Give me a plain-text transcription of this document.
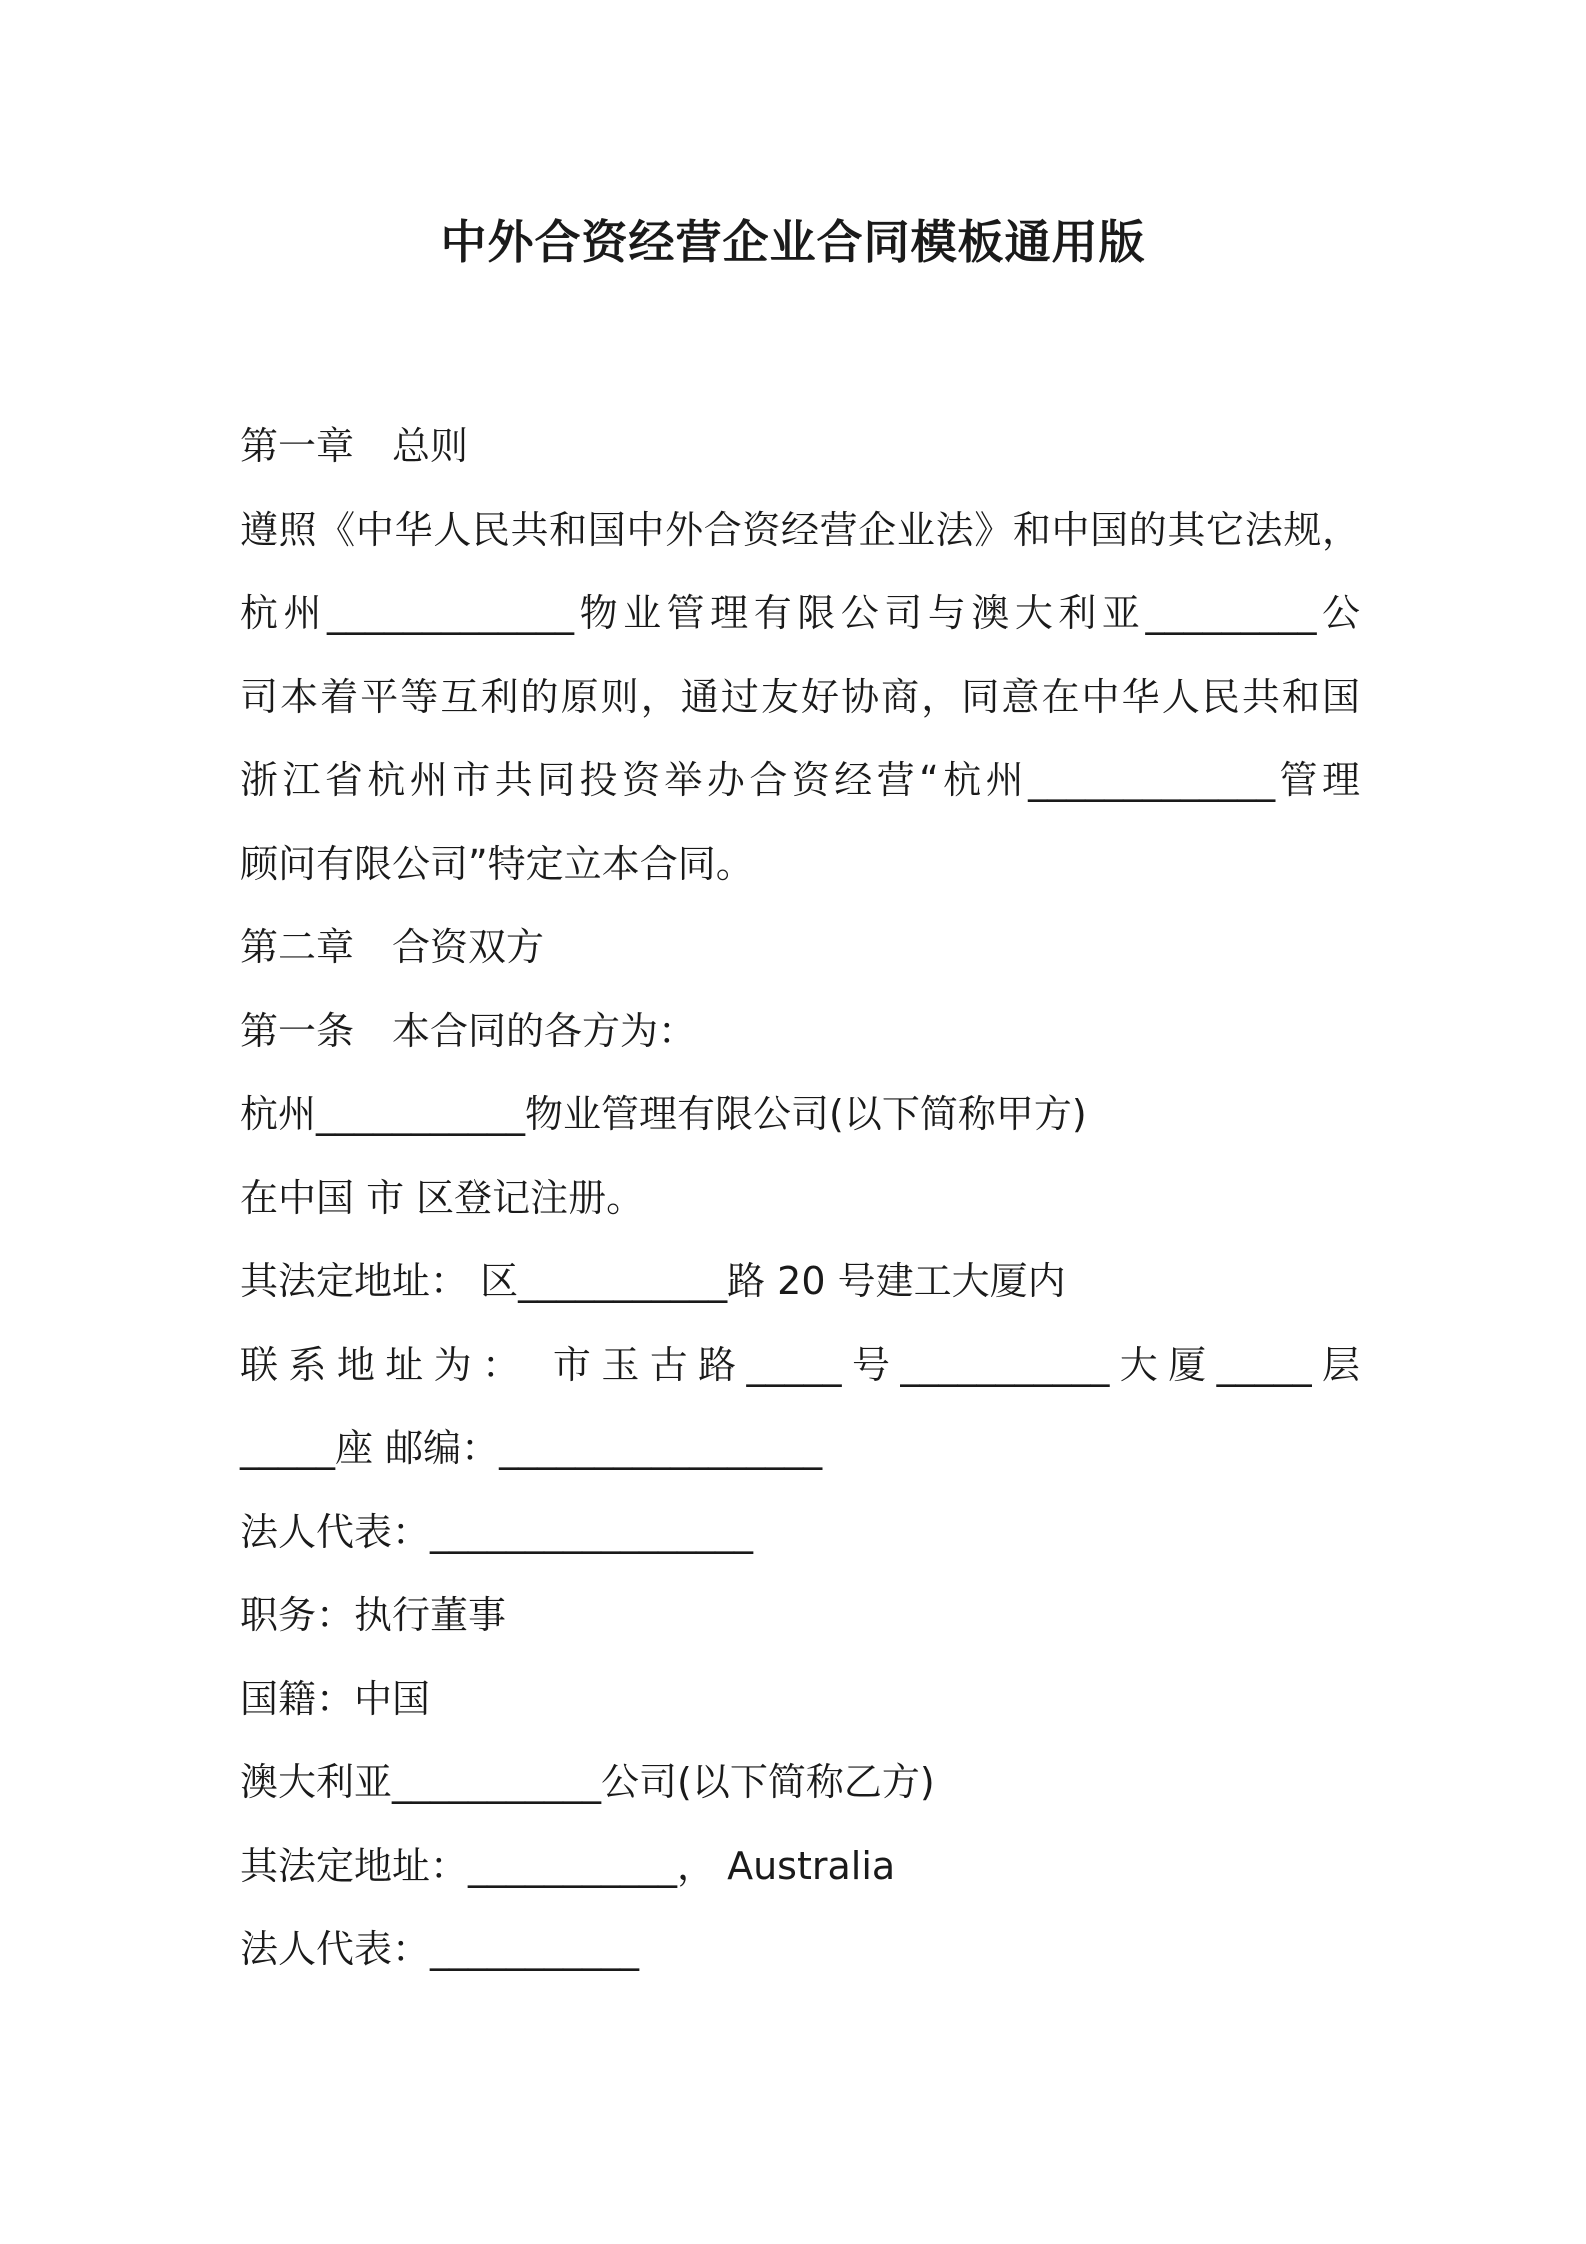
中外合资经营企业合同模板通用版
第一章 总则
遵照《中华人民共和国中外合资经营企业法》和中国的其它法规，
杭州_____________物业管理有限公司与澳大利亚_________公
司本着平等互利的原则，通过友好协商，同意在中华人民共和国
浙江省杭州市共同投资举办合资经营“杭州_____________管理
顾问有限公司”特定立本合同。
第二章 合资双方
第一条 本合同的各方为：
杭州___________物业管理有限公司(以下简称甲方)
在中国 市 区登记注册。
其法定地址： 区___________路 20 号建工大厦内
联系地址为： 市玉古路_____号___________大厦_____层
_____座 邮编：_________________
法人代表：_________________
职务：执行董事
国籍：中国
澳大利亚___________公司(以下简称乙方)
其法定地址：___________， Australia
法人代表：___________
